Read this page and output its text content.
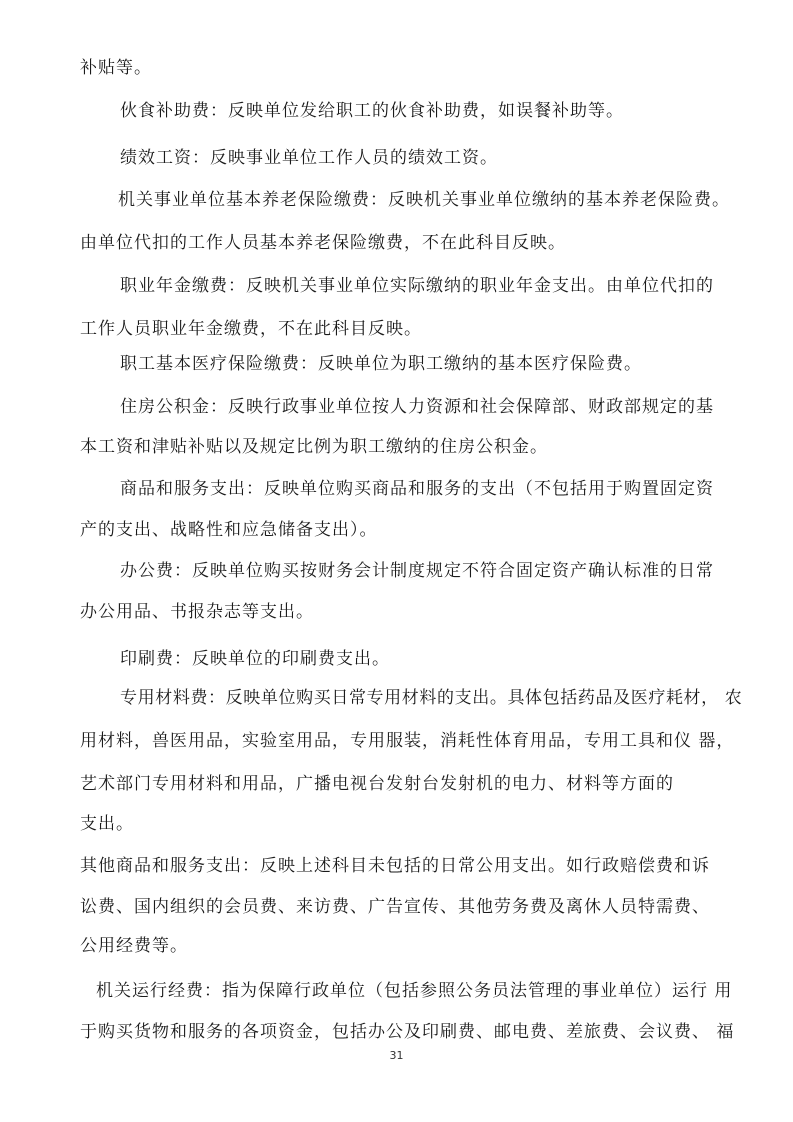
补贴等。
伙食补助费：反映单位发给职工的伙食补助费，如误餐补助等。
绩效工资：反映事业单位工作人员的绩效工资。
机关事业单位基本养老保险缴费：反映机关事业单位缴纳的基本养老保险费。
由单位代扣的工作人员基本养老保险缴费，不在此科目反映。
职业年金缴费：反映机关事业单位实际缴纳的职业年金支出。由单位代扣的
工作人员职业年金缴费，不在此科目反映。
职工基本医疗保险缴费：反映单位为职工缴纳的基本医疗保险费。
住房公积金：反映行政事业单位按人力资源和社会保障部、财政部规定的基
本工资和津贴补贴以及规定比例为职工缴纳的住房公积金。
商品和服务支出：反映单位购买商品和服务的支出（不包括用于购置固定资
产的支出、战略性和应急储备支出）。
办公费：反映单位购买按财务会计制度规定不符合固定资产确认标准的日常
办公用品、书报杂志等支出。
印刷费：反映单位的印刷费支出。
专用材料费：反映单位购买日常专用材料的支出。具体包括药品及医疗耗材， 农
用材料，兽医用品，实验室用品，专用服装，消耗性体育用品，专用工具和仪 器，
艺术部门专用材料和用品，广播电视台发射台发射机的电力、材料等方面的
支出。
其他商品和服务支出：反映上述科目未包括的日常公用支出。如行政赔偿费和诉
讼费、国内组织的会员费、来访费、广告宣传、其他劳务费及离休人员特需费、
公用经费等。
机关运行经费：指为保障行政单位（包括参照公务员法管理的事业单位）运行 用
于购买货物和服务的各项资金，包括办公及印刷费、邮电费、差旅费、会议费、 福
31
